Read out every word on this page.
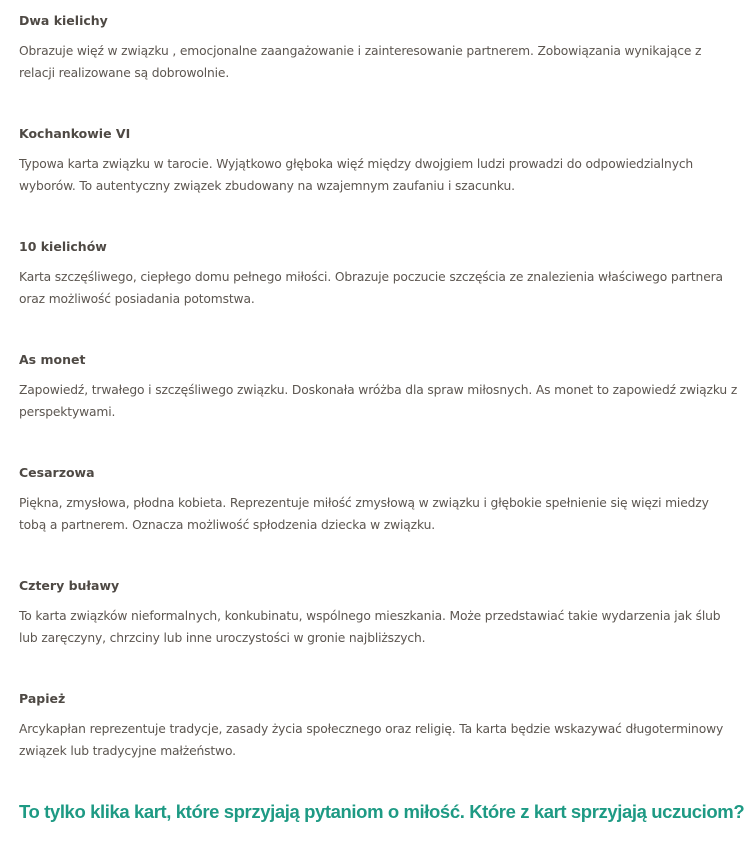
Dwa kielichy

Obrazuje więź w związku , emocjonalne zaangażowanie i zainteresowanie partnerem. Zobowiązania wynikające z relacji realizowane są dobrowolnie.

Kochankowie VI

Typowa karta związku w tarocie. Wyjątkowo głęboka więź między dwojgiem ludzi prowadzi do odpowiedzialnych wyborów. To autentyczny związek zbudowany na wzajemnym zaufaniu i szacunku.

10 kielichów

Karta szczęśliwego, ciepłego domu pełnego miłości. Obrazuje poczucie szczęścia ze znalezienia właściwego partnera oraz możliwość posiadania potomstwa.

As monet

Zapowiedź, trwałego i szczęśliwego związku. Doskonała wróżba dla spraw miłosnych. As monet to zapowiedź związku z perspektywami.

Cesarzowa

Piękna, zmysłowa, płodna kobieta. Reprezentuje miłość zmysłową w związku i głębokie spełnienie się więzi miedzy tobą a partnerem. Oznacza możliwość spłodzenia dziecka w związku.

Cztery buławy

To karta związków nieformalnych, konkubinatu, wspólnego mieszkania. Może przedstawiać takie wydarzenia jak ślub lub zaręczyny, chrzciny lub inne uroczystości w gronie najbliższych.

Papież

Arcykapłan reprezentuje tradycje, zasady życia społecznego oraz religię. Ta karta będzie wskazywać długoterminowy związek lub tradycyjne małżeństwo.

To tylko klika kart, które sprzyjają pytaniom o miłość. Które z kart sprzyjają uczuciom?
